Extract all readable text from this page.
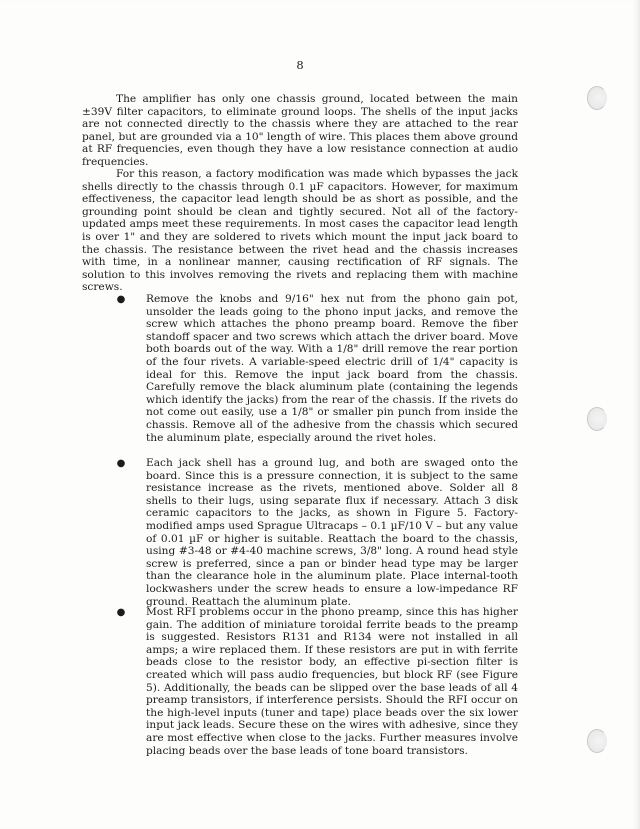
8

The amplifier has only one chassis ground, located between the main ±39V filter capacitors, to eliminate ground loops. The shells of the input jacks are not connected directly to the chassis where they are attached to the rear panel, but are grounded via a 10" length of wire. This places them above ground at RF frequencies, even though they have a low resistance connection at audio frequencies.

For this reason, a factory modification was made which bypasses the jack shells directly to the chassis through 0.1 µF capacitors. However, for maximum effectiveness, the capacitor lead length should be as short as possible, and the grounding point should be clean and tightly secured. Not all of the factory-updated amps meet these requirements. In most cases the capacitor lead length is over 1" and they are soldered to rivets which mount the input jack board to the chassis. The resistance between the rivet head and the chassis increases with time, in a nonlinear manner, causing rectification of RF signals. The solution to this involves removing the rivets and replacing them with machine screws.

● Remove the knobs and 9/16" hex nut from the phono gain pot, unsolder the leads going to the phono input jacks, and remove the screw which attaches the phono preamp board. Remove the fiber standoff spacer and two screws which attach the driver board. Move both boards out of the way. With a 1/8" drill remove the rear portion of the four rivets. A variable-speed electric drill of 1/4" capacity is ideal for this. Remove the input jack board from the chassis. Carefully remove the black aluminum plate (containing the legends which identify the jacks) from the rear of the chassis. If the rivets do not come out easily, use a 1/8" or smaller pin punch from inside the chassis. Remove all of the adhesive from the chassis which secured the aluminum plate, especially around the rivet holes.

● Each jack shell has a ground lug, and both are swaged onto the board. Since this is a pressure connection, it is subject to the same resistance increase as the rivets, mentioned above. Solder all 8 shells to their lugs, using separate flux if necessary. Attach 3 disk ceramic capacitors to the jacks, as shown in Figure 5. Factory-modified amps used Sprague Ultracaps – 0.1 µF/10 V – but any value of 0.01 µF or higher is suitable. Reattach the board to the chassis, using #3-48 or #4-40 machine screws, 3/8" long. A round head style screw is preferred, since a pan or binder head type may be larger than the clearance hole in the aluminum plate. Place internal-tooth lockwashers under the screw heads to ensure a low-impedance RF ground. Reattach the aluminum plate.

● Most RFI problems occur in the phono preamp, since this has higher gain. The addition of miniature toroidal ferrite beads to the preamp is suggested. Resistors R131 and R134 were not installed in all amps; a wire replaced them. If these resistors are put in with ferrite beads close to the resistor body, an effective pi-section filter is created which will pass audio frequencies, but block RF (see Figure 5). Additionally, the beads can be slipped over the base leads of all 4 preamp transistors, if interference persists. Should the RFI occur on the high-level inputs (tuner and tape) place beads over the six lower input jack leads. Secure these on the wires with adhesive, since they are most effective when close to the jacks. Further measures involve placing beads over the base leads of tone board transistors.
